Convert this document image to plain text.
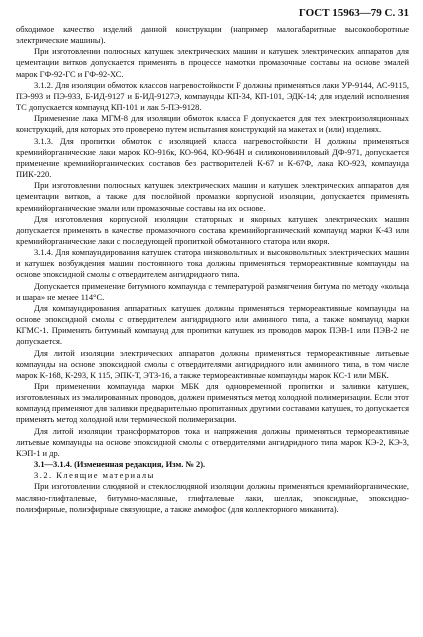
ГОСТ 15963—79 С. 31

обходимое качество изделий данной конструкции (например малогабаритные высокооборотные электрические машины).

При изготовлении полюсных катушек электрических машин и катушек электрических аппаратов для цементации витков допускается применять в процессе намотки промазочные составы на основе эмалей марок ГФ-92-ГС и ГФ-92-ХС.

3.1.2. Для изоляции обмоток классов нагревостойкости F должны применяться лаки УР-9144, АС-9115, ПЭ-993 и ПЭ-933, Б-ИД-9127 и Б-ИД-9127Э, компаунды КП-34, КП-101, ЭДК-14; для изделий исполнения ТС допускается компаунд КП-101 и лак 5-ПЭ-9128.

Применение лака МГМ-8 для изоляции обмоток класса F допускается для тех электроизоляционных конструкций, для которых это проверено путем испытания конструкций на макетах и (или) изделиях.

3.1.3. Для пропитки обмоток с изоляцией класса нагревостойкости Н должны применяться кремнийорганические лаки марок КО-916к, КО-964, КО-964Н и силиконовиниловый ДФ-971, допускается применение кремнийорганических составов без растворителей К-67 и К-67Ф, лака КО-923, компаунда ПИК-220.

При изготовлении полюсных катушек электрических машин и катушек электрических аппаратов для цементации витков, а также для послойной промазки корпусной изоляции, допускается применять кремнийорганические эмали или промазочные составы на их основе.

Для изготовления корпусной изоляции статорных и якорных катушек электрических машин допускается применять в качестве промазочного состава кремнийорганический компаунд марки К-43 или кремнийорганические лаки с последующей пропиткой обмотанного статора или якоря.

3.1.4. Для компаундирования катушек статора низковольтных и высоковольтных электрических машин и катушек возбуждения машин постоянного тока должны применяться термореактивные компаунды на основе эпоксидной смолы с отвердителем ангидридного типа.

Допускается применение битумного компаунда с температурой размягчения битума по методу «кольца и шара» не менее 114°С.

Для компаундирования аппаратных катушек должны применяться термореактивные компаунды на основе эпоксидной смолы с отвердителем ангидридного или аминного типа, а также компаунд марки КГМС-1. Применять битумный компаунд для пропитки катушек из проводов марок ПЭВ-1 или ПЭВ-2 не допускается.

Для литой изоляции электрических аппаратов должны применяться термореактивные литьевые компаунды на основе эпоксидной смолы с отвердителями ангидридного или аминного типа, в том числе марок К-168, К-293, К 115, ЭПК-Т, ЭТЗ-16, а также термореактивные компаунды марок КС-1 или МБК.

При применении компаунда марки МБК для одновременной пропитки и заливки катушек, изготовленных из эмалированных проводов, должен применяться метод холодной полимеризации. Если этот компаунд применяют для заливки предварительно пропитанных другими составами катушек, то допускается применять метод холодной или термической полимеризации.

Для литой изоляции трансформаторов тока и напряжения должны применяться термореактивные литьевые компаунды на основе эпоксидной смолы с отвердителями ангидридного типа марок КЭ-2, КЭ-3, КЭП-1 и др.

3.1—3.1.4. (Измененная редакция, Изм. № 2).

3.2. Клеящие материалы

При изготовлении слюдяной и стеклослюдяной изоляции должны применяться кремнийорганические, масляно-глифталевые, битумно-масляные, глифталевые лаки, шеллак, эпоксидные, эпоксидно-полиэфирные, полиэфирные связующие, а также аммофос (для коллекторного миканита).
